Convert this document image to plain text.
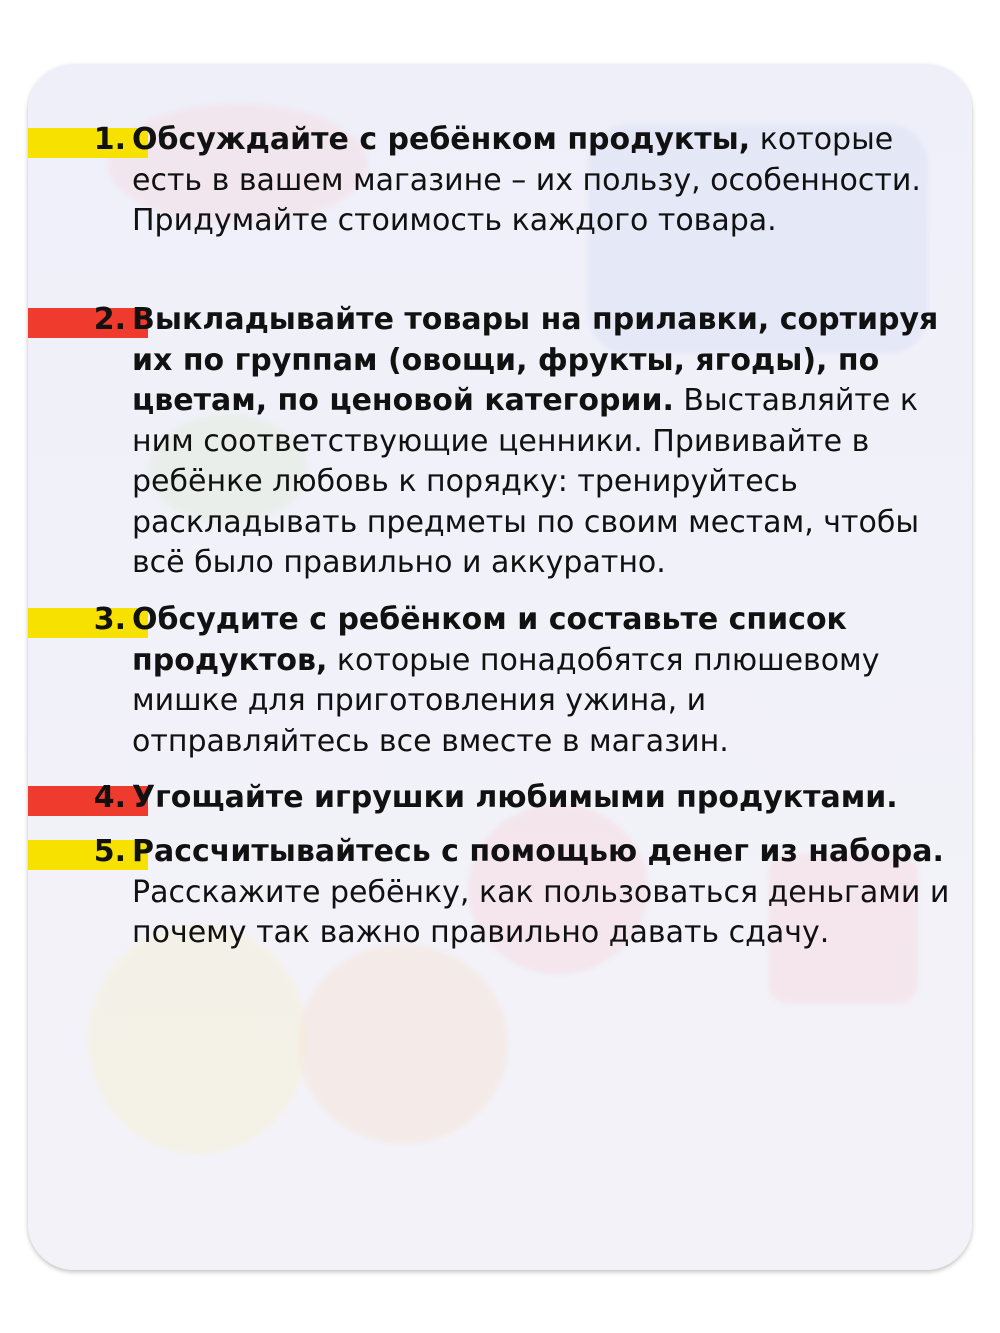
1. Обсуждайте с ребёнком продукты, которые есть в вашем магазине – их пользу, особенности. Придумайте стоимость каждого товара.
2. Выкладывайте товары на прилавки, сортируя их по группам (овощи, фрукты, ягоды), по цветам, по ценовой категории. Выставляйте к ним соответствующие ценники. Прививайте в ребёнке любовь к порядку: тренируйтесь раскладывать предметы по своим местам, чтобы всё было правильно и аккуратно.
3. Обсудите с ребёнком и составьте список продуктов, которые понадобятся плюшевому мишке для приготовления ужина, и отправляйтесь все вместе в магазин.
4. Угощайте игрушки любимыми продуктами.
5. Рассчитывайтесь с помощью денег из набора. Расскажите ребёнку, как пользоваться деньгами и почему так важно правильно давать сдачу.
